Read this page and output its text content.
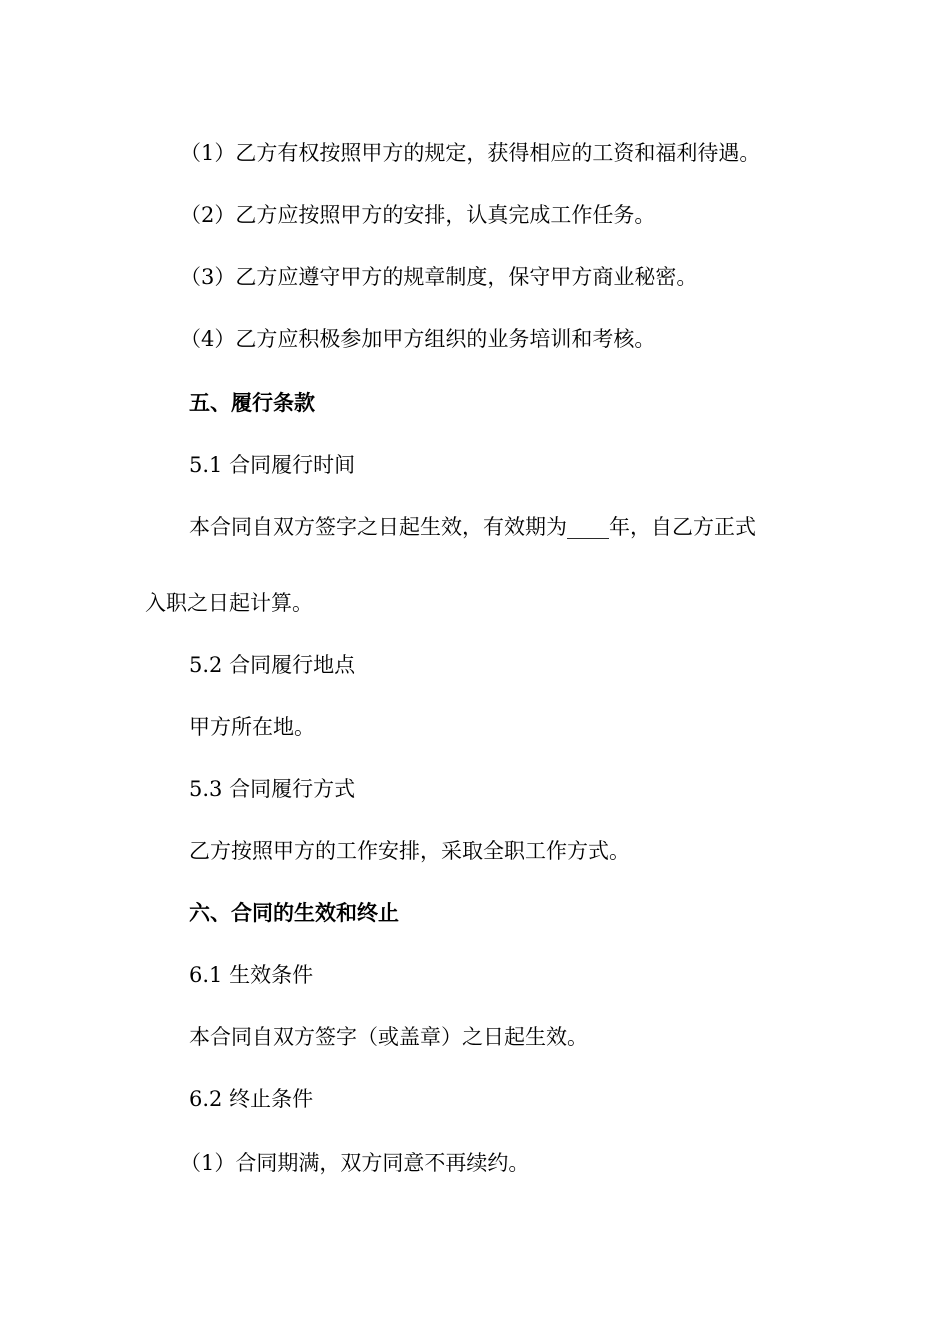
（1）乙方有权按照甲方的规定，获得相应的工资和福利待遇。
（2）乙方应按照甲方的安排，认真完成工作任务。
（3）乙方应遵守甲方的规章制度，保守甲方商业秘密。
（4）乙方应积极参加甲方组织的业务培训和考核。
五、履行条款
5.1 合同履行时间
本合同自双方签字之日起生效，有效期为____年，自乙方正式
入职之日起计算。
5.2 合同履行地点
甲方所在地。
5.3 合同履行方式
乙方按照甲方的工作安排，采取全职工作方式。
六、合同的生效和终止
6.1 生效条件
本合同自双方签字（或盖章）之日起生效。
6.2 终止条件
（1）合同期满，双方同意不再续约。
